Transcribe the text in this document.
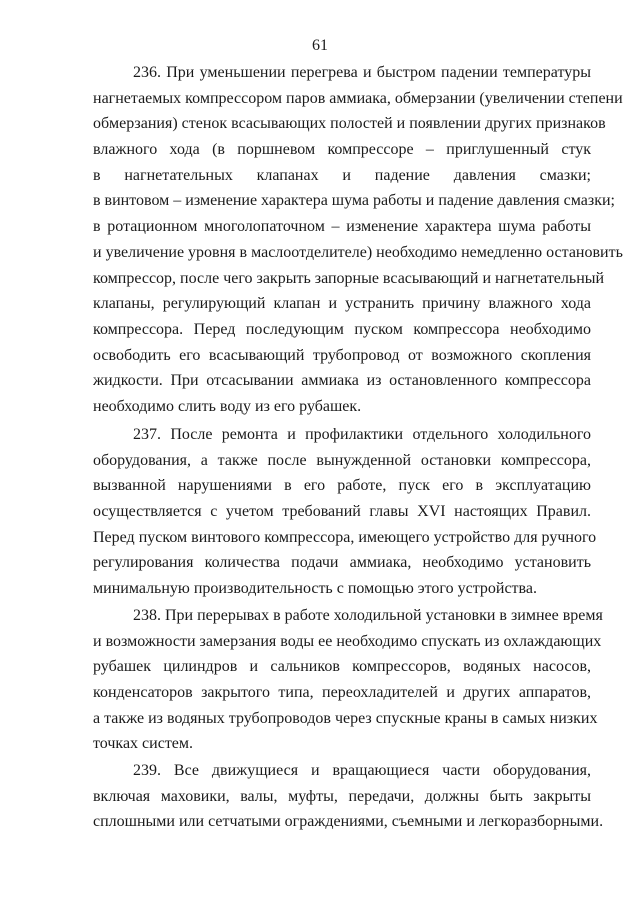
61
236. При уменьшении перегрева и быстром падении температуры
нагнетаемых компрессором паров аммиака, обмерзании (увеличении степени
обмерзания) стенок всасывающих полостей и появлении других признаков
влажного хода (в поршневом компрессоре – приглушенный стук
в нагнетательных клапанах и падение давления смазки;
в винтовом – изменение характера шума работы и падение давления смазки;
в ротационном многолопаточном – изменение характера шума работы
и увеличение уровня в маслоотделителе) необходимо немедленно остановить
компрессор, после чего закрыть запорные всасывающий и нагнетательный
клапаны, регулирующий клапан и устранить причину влажного хода
компрессора. Перед последующим пуском компрессора необходимо
освободить его всасывающий трубопровод от возможного скопления
жидкости. При отсасывании аммиака из остановленного компрессора
необходимо слить воду из его рубашек.
237. После ремонта и профилактики отдельного холодильного
оборудования, а также после вынужденной остановки компрессора,
вызванной нарушениями в его работе, пуск его в эксплуатацию
осуществляется с учетом требований главы XVI настоящих Правил.
Перед пуском винтового компрессора, имеющего устройство для ручного
регулирования количества подачи аммиака, необходимо установить
минимальную производительность с помощью этого устройства.
238. При перерывах в работе холодильной установки в зимнее время
и возможности замерзания воды ее необходимо спускать из охлаждающих
рубашек цилиндров и сальников компрессоров, водяных насосов,
конденсаторов закрытого типа, переохладителей и других аппаратов,
а также из водяных трубопроводов через спускные краны в самых низких
точках систем.
239. Все движущиеся и вращающиеся части оборудования,
включая маховики, валы, муфты, передачи, должны быть закрыты
сплошными или сетчатыми ограждениями, съемными и легкоразборными.
